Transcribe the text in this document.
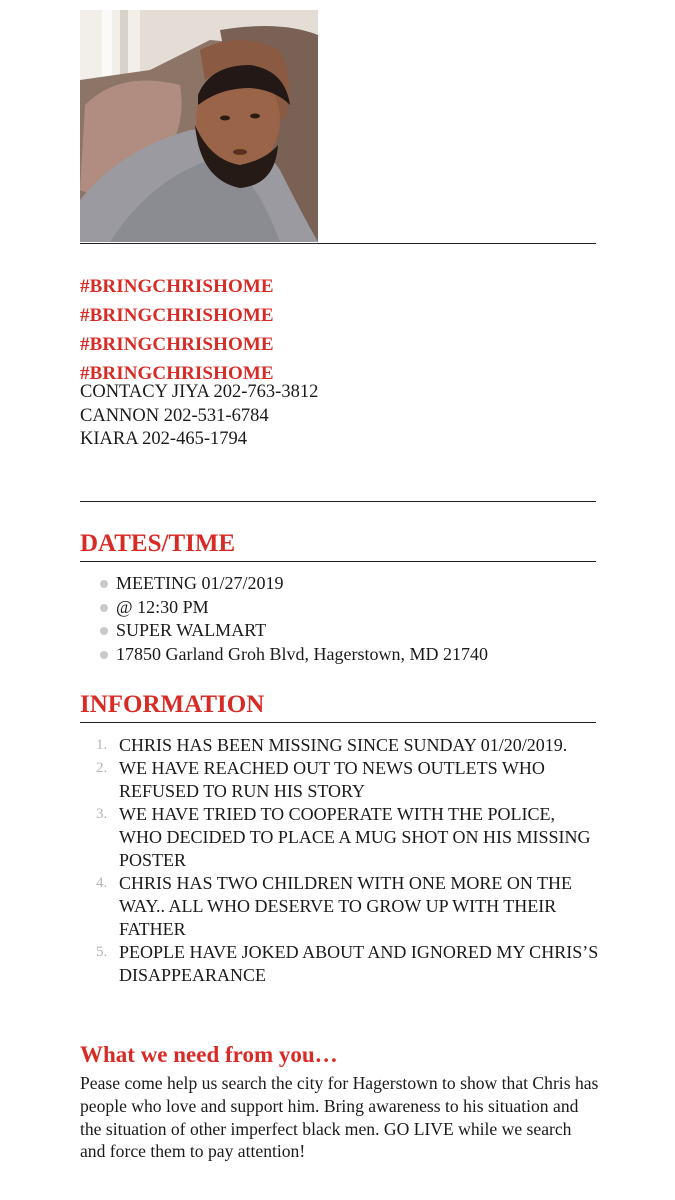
#BRINGCHRISHOME
#BRINGCHRISHOME
#BRINGCHRISHOME
#BRINGCHRISHOME
CONTACY JIYA 202-763-3812
CANNON 202-531-6784
KIARA 202-465-1794
DATES/TIME
MEETING 01/27/2019
@ 12:30 PM
SUPER WALMART
17850 Garland Groh Blvd, Hagerstown, MD 21740
INFORMATION
1. CHRIS HAS BEEN MISSING SINCE SUNDAY 01/20/2019.
2. WE HAVE REACHED OUT TO NEWS OUTLETS WHO REFUSED TO RUN HIS STORY
3. WE HAVE TRIED TO COOPERATE WITH THE POLICE, WHO DECIDED TO PLACE A MUG SHOT ON HIS MISSING POSTER
4. CHRIS HAS TWO CHILDREN WITH ONE MORE ON THE WAY.. ALL WHO DESERVE TO GROW UP WITH THEIR FATHER
5. PEOPLE HAVE JOKED ABOUT AND IGNORED MY CHRIS’S DISAPPEARANCE
What we need from you…

Pease come help us search the city for Hagerstown to show that Chris has people who love and support him. Bring awareness to his situation and the situation of other imperfect black men. GO LIVE while we search and force them to pay attention!
